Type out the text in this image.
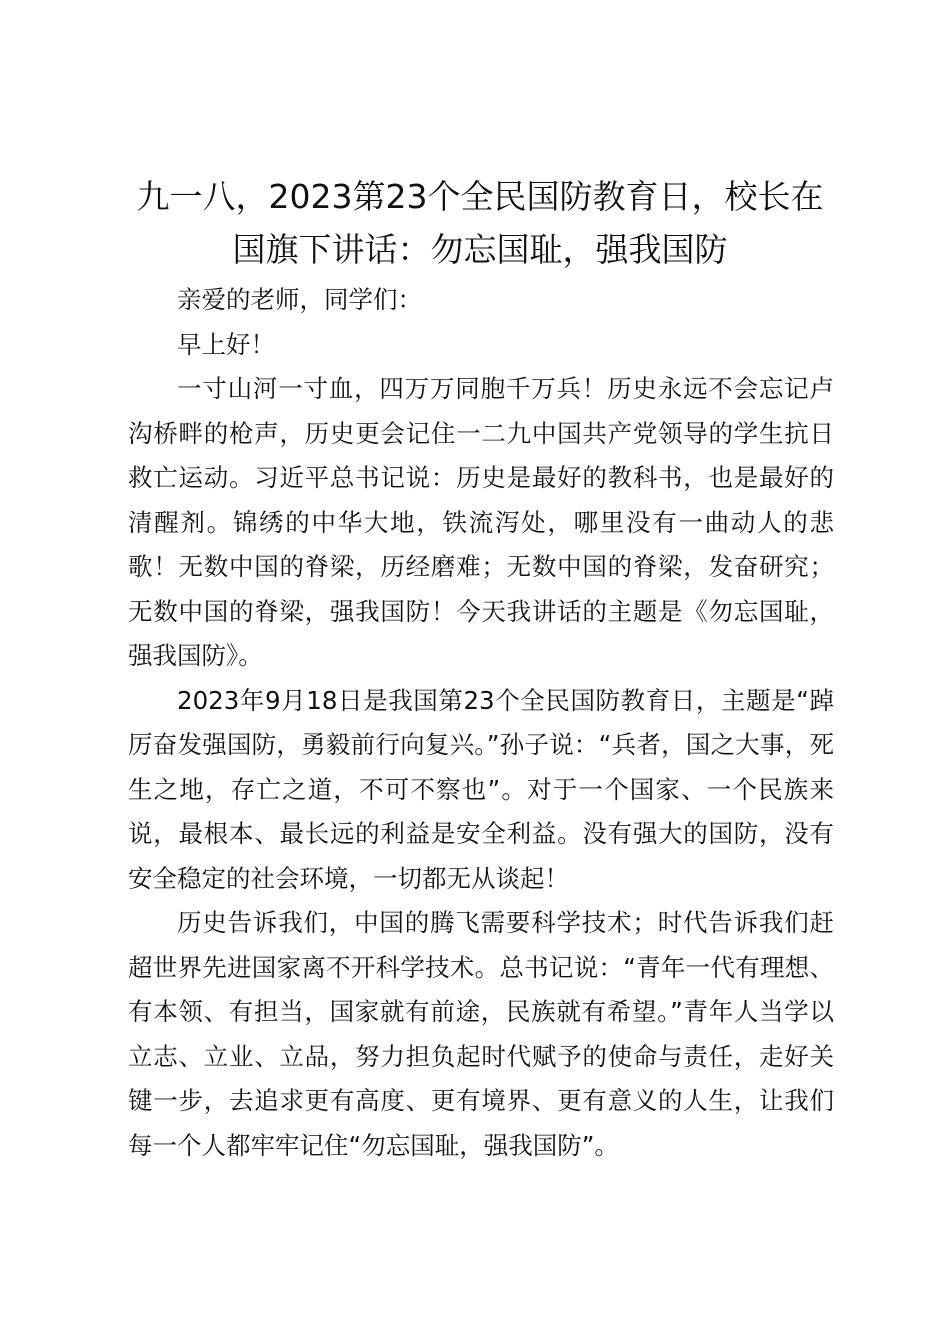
九一八，2023第23个全民国防教育日，校长在国旗下讲话：勿忘国耻，强我国防

亲爱的老师，同学们：

早上好！

一寸山河一寸血，四万万同胞千万兵！历史永远不会忘记卢沟桥畔的枪声，历史更会记住一二九中国共产党领导的学生抗日救亡运动。习近平总书记说：历史是最好的教科书，也是最好的清醒剂。锦绣的中华大地，铁流泻处，哪里没有一曲动人的悲歌！无数中国的脊梁，历经磨难；无数中国的脊梁，发奋研究；无数中国的脊梁，强我国防！今天我讲话的主题是《勿忘国耻，强我国防》。

2023年9月18日是我国第23个全民国防教育日，主题是“踔厉奋发强国防，勇毅前行向复兴。”孙子说：“兵者，国之大事，死生之地，存亡之道，不可不察也”。对于一个国家、一个民族来说，最根本、最长远的利益是安全利益。没有强大的国防，没有安全稳定的社会环境，一切都无从谈起！

历史告诉我们，中国的腾飞需要科学技术；时代告诉我们赶超世界先进国家离不开科学技术。总书记说：“青年一代有理想、有本领、有担当，国家就有前途，民族就有希望。”青年人当学以立志、立业、立品，努力担负起时代赋予的使命与责任，走好关键一步，去追求更有高度、更有境界、更有意义的人生，让我们每一个人都牢牢记住“勿忘国耻，强我国防”。
